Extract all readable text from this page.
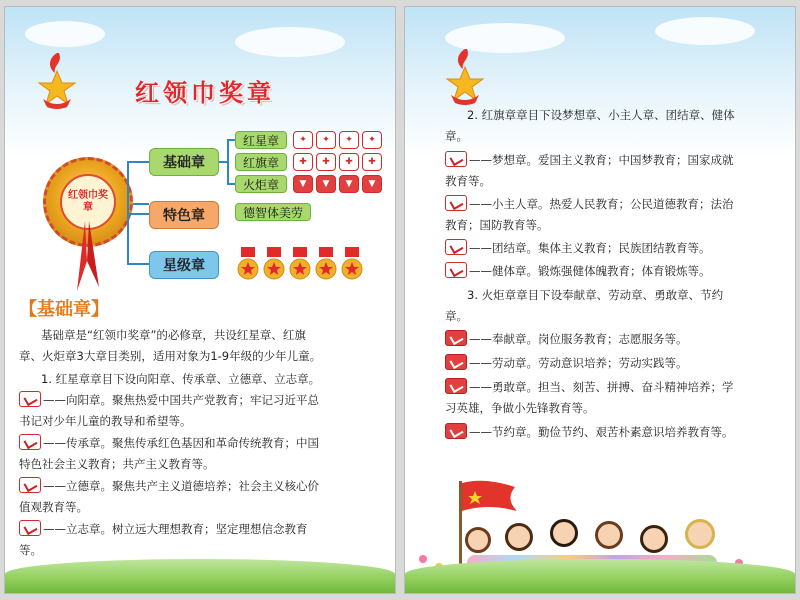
红领巾奖章
红领巾奖章
基础章
特色章
星级章
红星章
红旗章
火炬章
德智体美劳
✦	✦	✦	✦
✚	✚	✚	✚
▼	▼	▼	▼
【基础章】
基础章是“红领巾奖章”的必修章，共设红星章、红旗
章、火炬章3大章目类别，适用对象为1-9年级的少年儿童。
1. 红星章章目下设向阳章、传承章、立德章、立志章。
——向阳章。聚焦热爱中国共产党教育；牢记习近平总
书记对少年儿童的教导和希望等。
——传承章。聚焦传承红色基因和革命传统教育；中国
特色社会主义教育；共产主义教育等。
——立德章。聚焦共产主义道德培养；社会主义核心价
值观教育等。
——立志章。树立远大理想教育；坚定理想信念教育
等。
2. 红旗章章目下设梦想章、小主人章、团结章、健体
章。
——梦想章。爱国主义教育；中国梦教育；国家成就
教育等。
——小主人章。热爱人民教育；公民道德教育；法治
教育；国防教育等。
——团结章。集体主义教育；民族团结教育等。
——健体章。锻炼强健体魄教育；体育锻炼等。
3. 火炬章章目下设奉献章、劳动章、勇敢章、节约
章。
——奉献章。岗位服务教育；志愿服务等。
——劳动章。劳动意识培养；劳动实践等。
——勇敢章。担当、刻苦、拼搏、奋斗精神培养；学
习英雄，争做小先锋教育等。
——节约章。勤俭节约、艰苦朴素意识培养教育等。
